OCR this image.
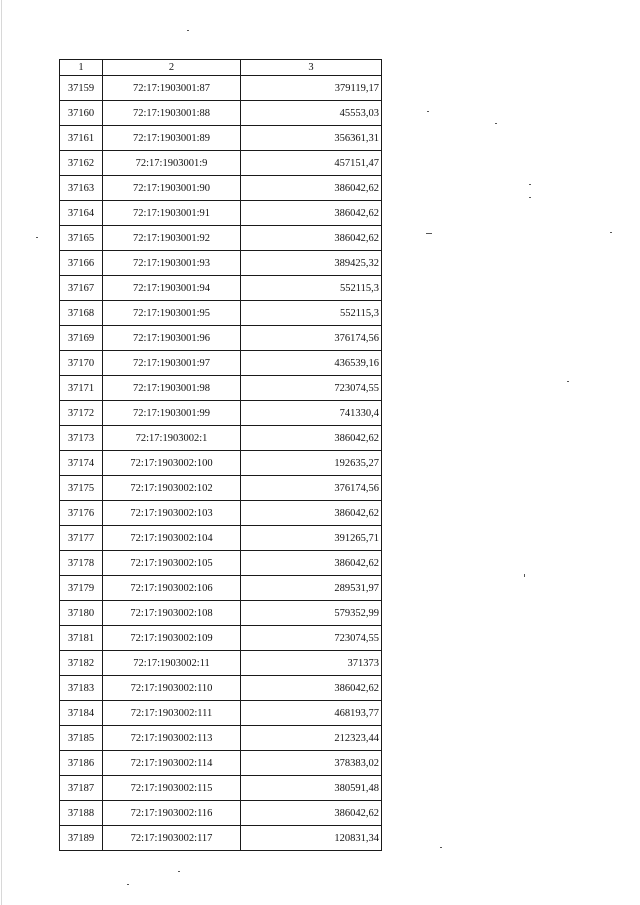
1	2	3
37159	72:17:1903001:87	379119,17
37160	72:17:1903001:88	45553,03
37161	72:17:1903001:89	356361,31
37162	72:17:1903001:9	457151,47
37163	72:17:1903001:90	386042,62
37164	72:17:1903001:91	386042,62
37165	72:17:1903001:92	386042,62
37166	72:17:1903001:93	389425,32
37167	72:17:1903001:94	552115,3
37168	72:17:1903001:95	552115,3
37169	72:17:1903001:96	376174,56
37170	72:17:1903001:97	436539,16
37171	72:17:1903001:98	723074,55
37172	72:17:1903001:99	741330,4
37173	72:17:1903002:1	386042,62
37174	72:17:1903002:100	192635,27
37175	72:17:1903002:102	376174,56
37176	72:17:1903002:103	386042,62
37177	72:17:1903002:104	391265,71
37178	72:17:1903002:105	386042,62
37179	72:17:1903002:106	289531,97
37180	72:17:1903002:108	579352,99
37181	72:17:1903002:109	723074,55
37182	72:17:1903002:11	371373
37183	72:17:1903002:110	386042,62
37184	72:17:1903002:111	468193,77
37185	72:17:1903002:113	212323,44
37186	72:17:1903002:114	378383,02
37187	72:17:1903002:115	380591,48
37188	72:17:1903002:116	386042,62
37189	72:17:1903002:117	120831,34
